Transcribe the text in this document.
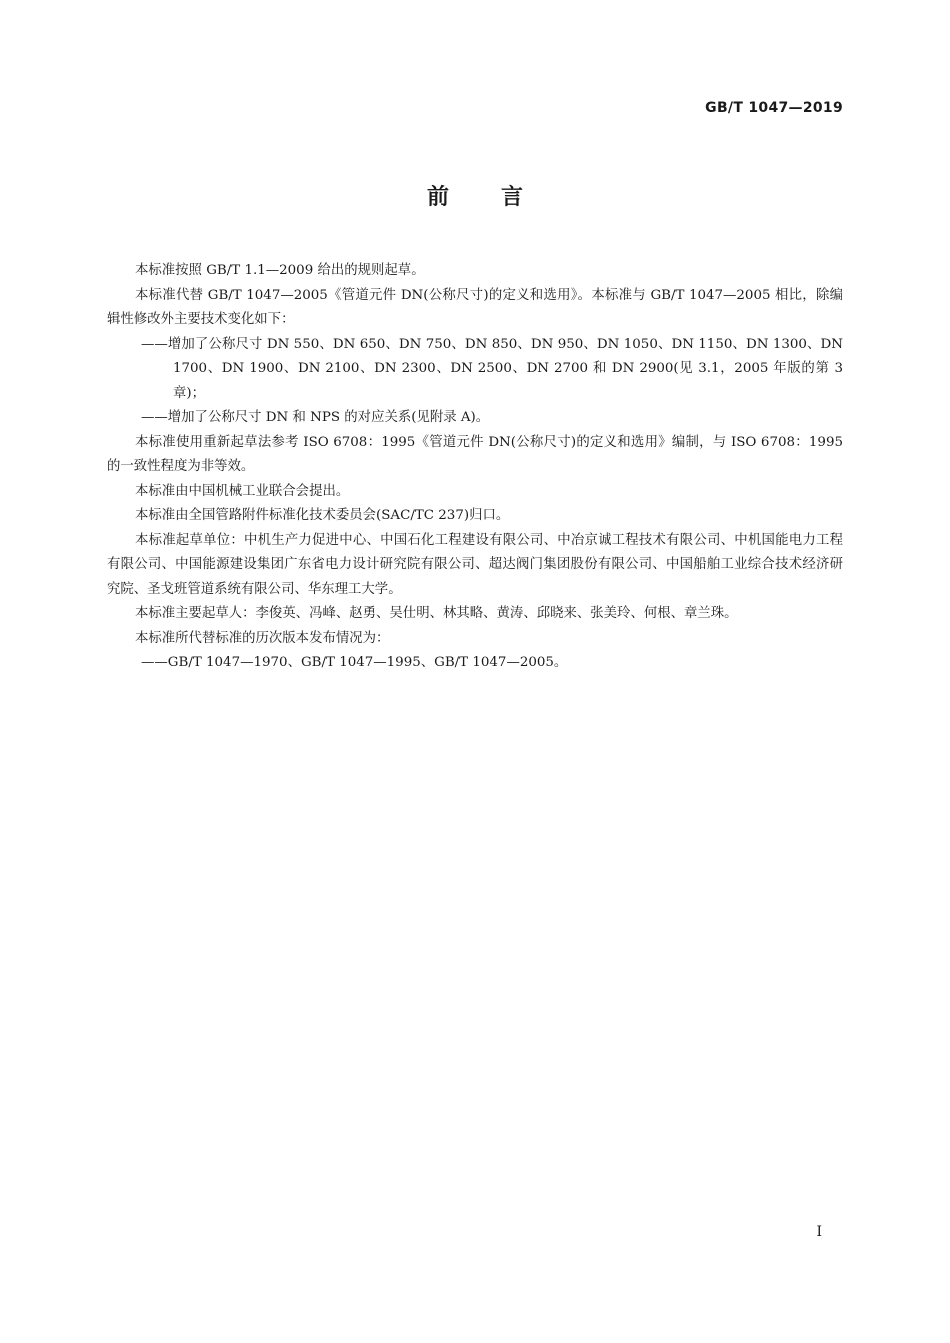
GB/T 1047—2019
前言

本标准按照 GB/T 1.1—2009 给出的规则起草。

本标准代替 GB/T 1047—2005《管道元件 DN(公称尺寸)的定义和选用》。本标准与 GB/T 1047—2005 相比，除编辑性修改外主要技术变化如下：

——增加了公称尺寸 DN 550、DN 650、DN 750、DN 850、DN 950、DN 1050、DN 1150、DN 1300、DN 1700、DN 1900、DN 2100、DN 2300、DN 2500、DN 2700 和 DN 2900(见 3.1，2005 年版的第 3 章)；

——增加了公称尺寸 DN 和 NPS 的对应关系(见附录 A)。

本标准使用重新起草法参考 ISO 6708：1995《管道元件 DN(公称尺寸)的定义和选用》编制，与 ISO 6708：1995 的一致性程度为非等效。

本标准由中国机械工业联合会提出。

本标准由全国管路附件标准化技术委员会(SAC/TC 237)归口。

本标准起草单位：中机生产力促进中心、中国石化工程建设有限公司、中冶京诚工程技术有限公司、中机国能电力工程有限公司、中国能源建设集团广东省电力设计研究院有限公司、超达阀门集团股份有限公司、中国船舶工业综合技术经济研究院、圣戈班管道系统有限公司、华东理工大学。

本标准主要起草人：李俊英、冯峰、赵勇、吴仕明、林其略、黄涛、邱晓来、张美玲、何根、章兰珠。

本标准所代替标准的历次版本发布情况为：

——GB/T 1047—1970、GB/T 1047—1995、GB/T 1047—2005。

I
